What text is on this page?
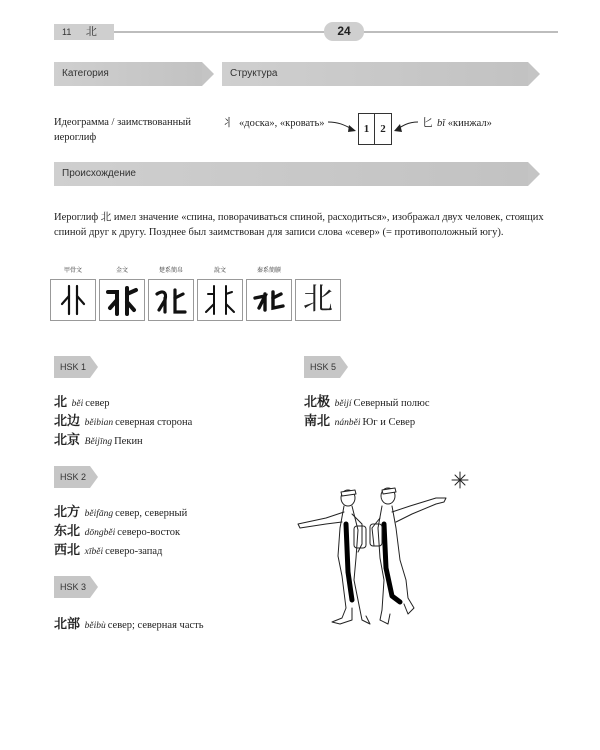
11 北	24
Категория
Идеограмма / заимствованный иероглиф
Структура
丬 «доска», «кровать»	1	2	匕 bǐ «кинжал»
Происхождение
Иероглиф 北 имел значение «спина, поворачиваться спиной, расходиться», изображал двух человек, стоящих спиной друг к другу. Позднее был заимствован для записи слова «север» (= противоположный югу).
甲骨文	金文	楚系簡帛	說文	秦系簡牘
北
HSK 1
北 běi север
北边 běibian северная сторона
北京 Běijīng Пекин
HSK 2
北方 běifāng север, северный
东北 dōngběi северо-восток
西北 xīběi северо-запад
HSK 3
北部 běibù север; северная часть
HSK 5
北极 běijí Северный полюс
南北 nánběi Юг и Север
